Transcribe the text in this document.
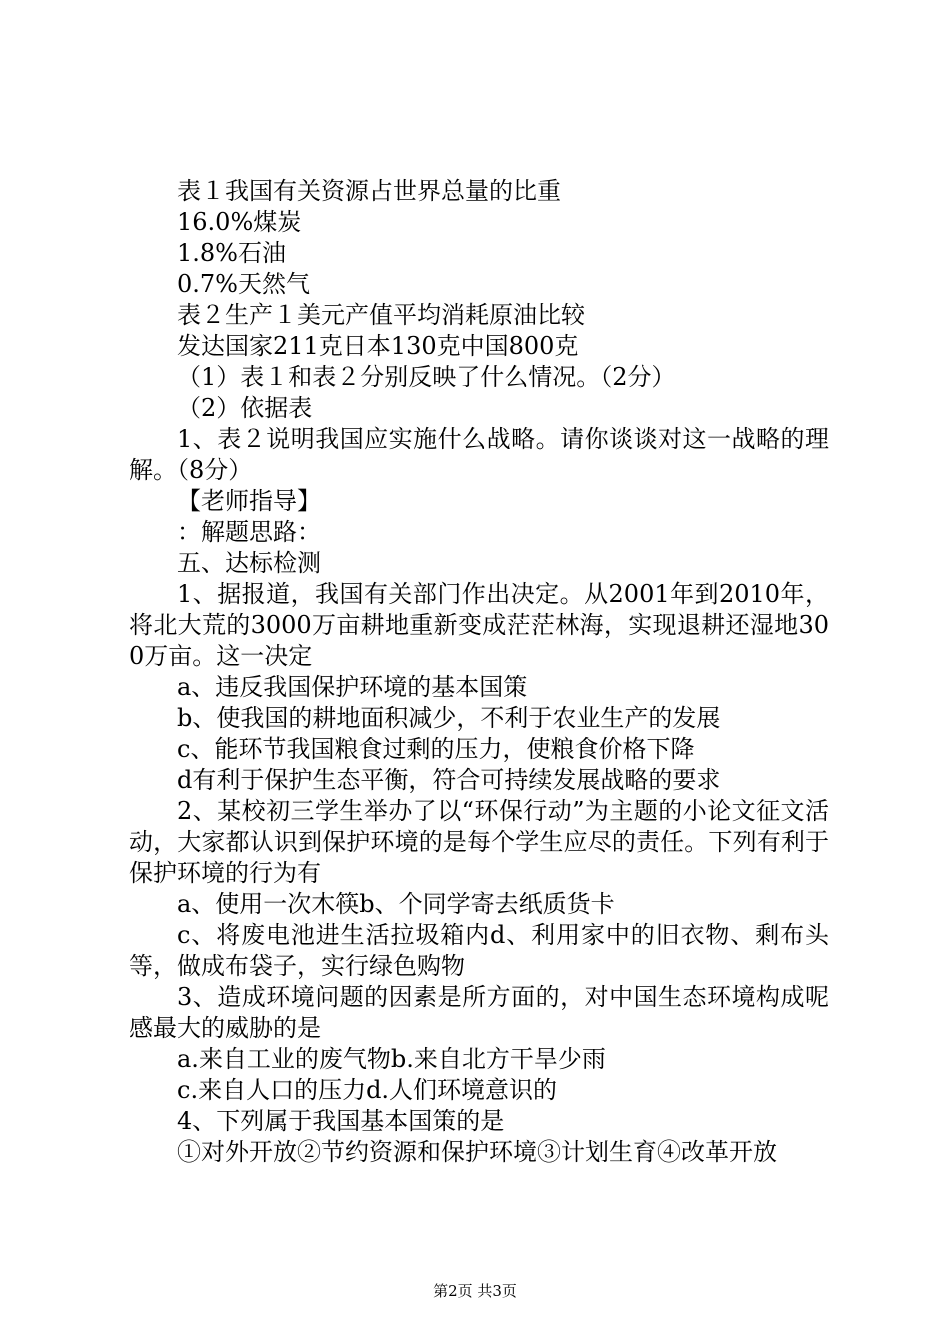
表１我国有关资源占世界总量的比重

16.0%煤炭

1.8%石油

0.7%天然气

表２生产１美元产值平均消耗原油比较

发达国家211克日本130克中国800克

（1）表１和表２分别反映了什么情况。（2分）

（2）依据表

1、表２说明我国应实施什么战略。请你谈谈对这一战略的理解。（8分）

【老师指导】

：解题思路：

五、达标检测

1、据报道，我国有关部门作出决定。从2001年到2010年，将北大荒的3000万亩耕地重新变成茫茫林海，实现退耕还湿地300万亩。这一决定

a、违反我国保护环境的基本国策

b、使我国的耕地面积减少，不利于农业生产的发展

c、能环节我国粮食过剩的压力，使粮食价格下降

d有利于保护生态平衡，符合可持续发展战略的要求

2、某校初三学生举办了以“环保行动”为主题的小论文征文活动，大家都认识到保护环境的是每个学生应尽的责任。下列有利于保护环境的行为有

a、使用一次木筷b、个同学寄去纸质货卡

c、将废电池进生活拉圾箱内d、利用家中的旧衣物、剩布头等，做成布袋子，实行绿色购物

3、造成环境问题的因素是所方面的，对中国生态环境构成呢感最大的威胁的是

a.来自工业的废气物b.来自北方干旱少雨

c.来自人口的压力d.人们环境意识的

4、下列属于我国基本国策的是

①对外开放②节约资源和保护环境③计划生育④改革开放

第2页 共3页
